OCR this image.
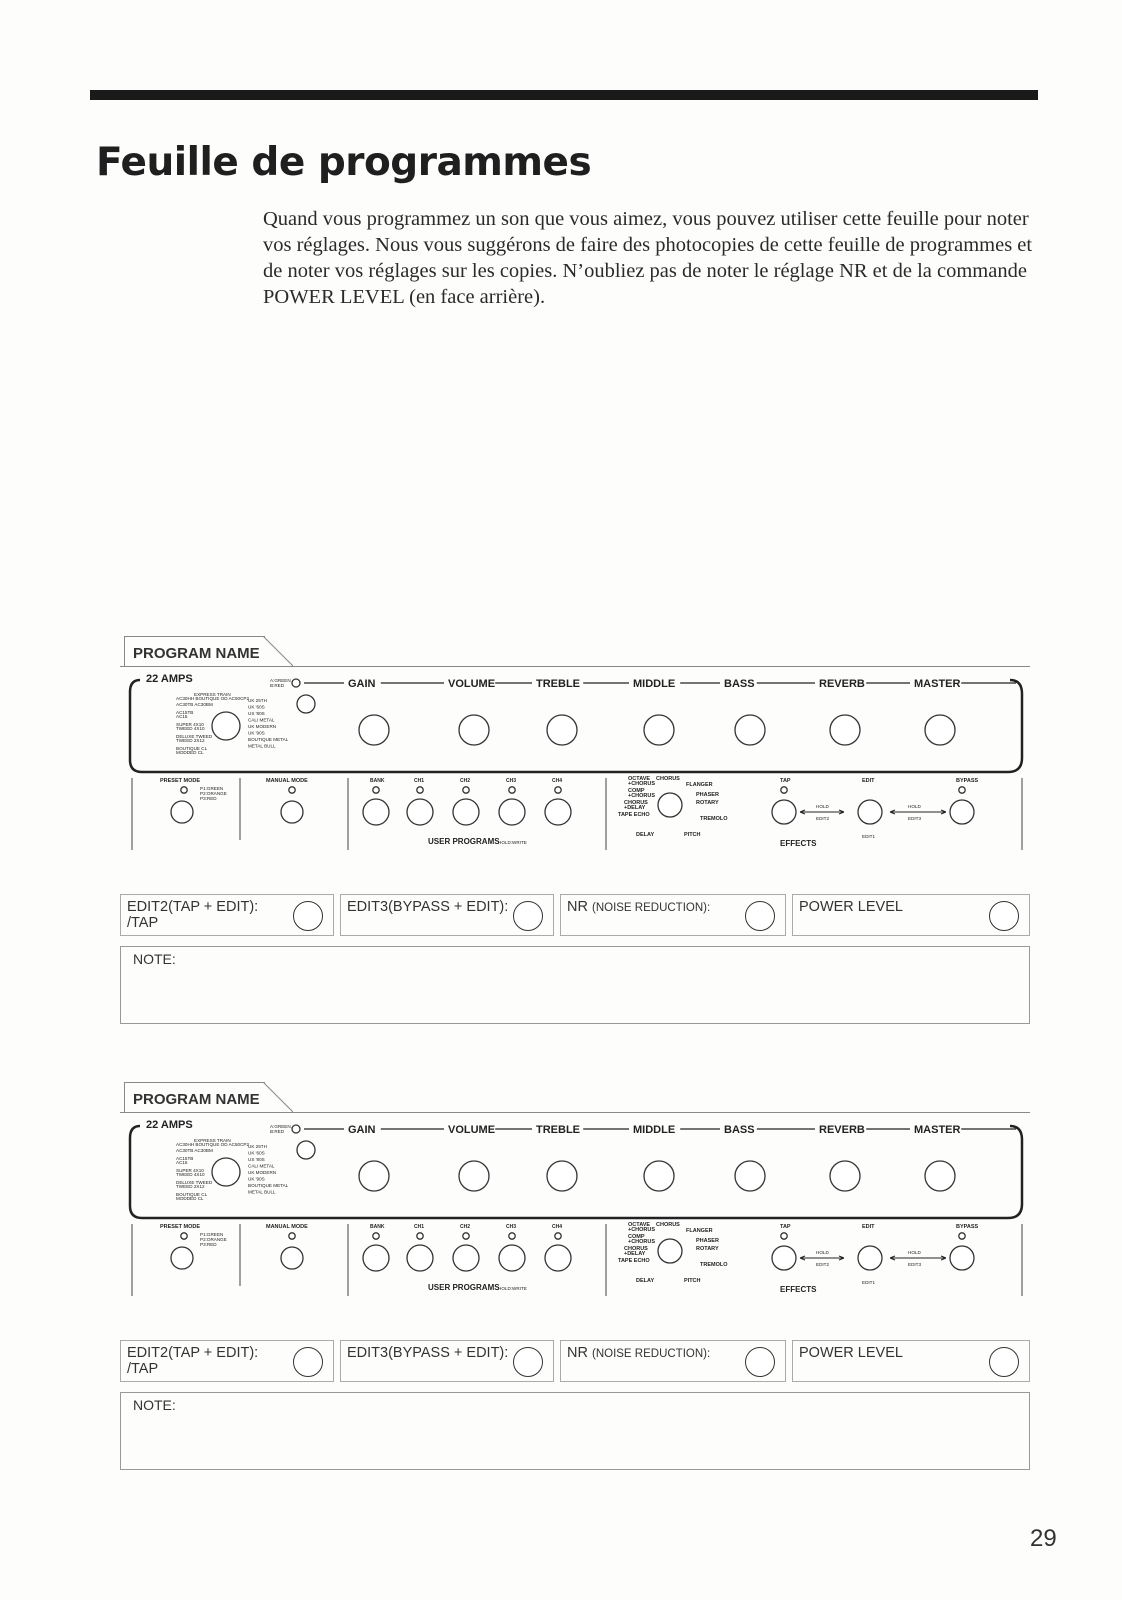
Feuille de programmes

Quand vous programmez un son que vous aimez, vous pouvez utiliser cette feuille pour noter vos réglages. Nous vous suggérons de faire des photocopies de cette feuille de programmes et de noter vos réglages sur les copies. N’oubliez pas de noter le réglage NR et de la commande POWER LEVEL (en face arrière).

PROGRAM NAME
22 AMPS
EXPRESS TRAIN
AC30HH BOUTIQUE OD AC50CP2
AC30TB AC30BM
AC15TB
AC15
SUPER 4X10
TWEED 4X10
DELUXE TWEED
TWEED 2X12
BOUTIQUE CL
MODDED CL
UK 25TH
UK '60S
US '80S
CALI METAL
UK MODERN
UK '90S
BOUTIQUE METAL
METAL BULL
A:GREEN
B:RED	GAIN	VOLUME	TREBLE	MIDDLE	BASS	REVERB	MASTER
PRESET MODE
P1:GREEN
P2:ORANGE
P3:RED
MANUAL MODE	BANK	CH1	CH2	CH3	CH4
USER PROGRAMS
HOLD:WRITE
OCTAVE
+CHORUS
COMP
+CHORUS
CHORUS
+DELAY
TAPE ECHO
DELAY
CHORUS
FLANGER
PHASER
ROTARY
TREMOLO
PITCH
TAP	EDIT	BYPASS
HOLD
EDIT2
HOLD
EDIT3
EDIT1
EFFECTS
EDIT2(TAP + EDIT):
/TAP
EDIT3(BYPASS + EDIT):	NR (NOISE REDUCTION):	POWER LEVEL
NOTE:
PROGRAM NAME
22 AMPS
EXPRESS TRAIN
AC30HH BOUTIQUE OD AC50CP2
AC30TB AC30BM
AC15TB
AC15
SUPER 4X10
TWEED 4X10
DELUXE TWEED
TWEED 2X12
BOUTIQUE CL
MODDED CL
UK 25TH
UK '60S
US '80S
CALI METAL
UK MODERN
UK '90S
BOUTIQUE METAL
METAL BULL
A:GREEN
B:RED	GAIN	VOLUME	TREBLE	MIDDLE	BASS	REVERB	MASTER
PRESET MODE
P1:GREEN
P2:ORANGE
P3:RED
MANUAL MODE	BANK	CH1	CH2	CH3	CH4
USER PROGRAMS
HOLD:WRITE
OCTAVE
+CHORUS
COMP
+CHORUS
CHORUS
+DELAY
TAPE ECHO
DELAY
CHORUS
FLANGER
PHASER
ROTARY
TREMOLO
PITCH
TAP	EDIT	BYPASS
HOLD
EDIT2
HOLD
EDIT3
EDIT1
EFFECTS
EDIT2(TAP + EDIT):
/TAP
EDIT3(BYPASS + EDIT):	NR (NOISE REDUCTION):	POWER LEVEL
NOTE:
29
